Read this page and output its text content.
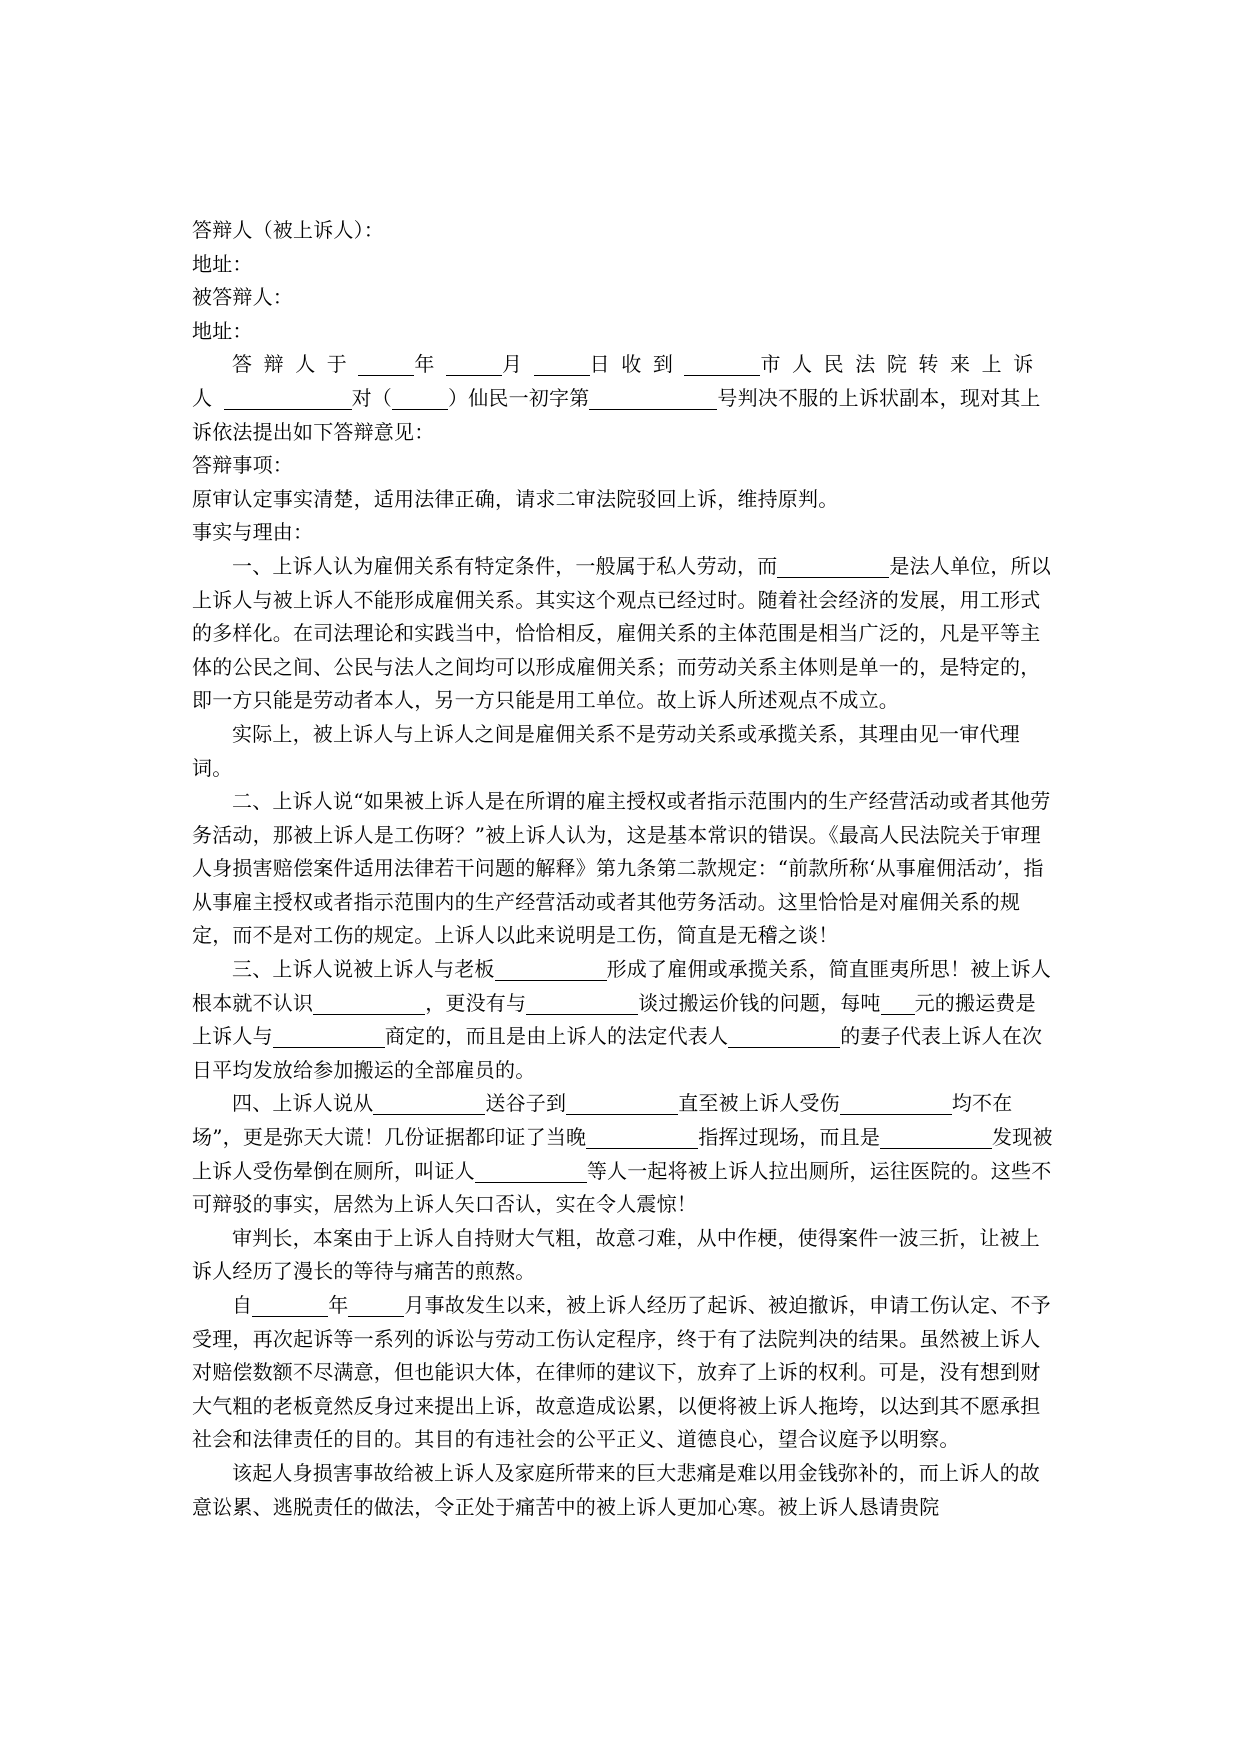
答辩人（被上诉人）：

地址：

被答辩人：

地址：

答辩人于	年	月	日收到	市人民法院转来上诉人	对（	）仙民一初字第	号判决不服的上诉状副本，现对其上诉依法提出如下答辩意见：

答辩事项：

原审认定事实清楚，适用法律正确，请求二审法院驳回上诉，维持原判。

事实与理由：

一、上诉人认为雇佣关系有特定条件，一般属于私人劳动，而	是法人单位，所以上诉人与被上诉人不能形成雇佣关系。其实这个观点已经过时。随着社会经济的发展，用工形式的多样化。在司法理论和实践当中，恰恰相反，雇佣关系的主体范围是相当广泛的，凡是平等主体的公民之间、公民与法人之间均可以形成雇佣关系；而劳动关系主体则是单一的，是特定的，即一方只能是劳动者本人，另一方只能是用工单位。故上诉人所述观点不成立。

实际上，被上诉人与上诉人之间是雇佣关系不是劳动关系或承揽关系，其理由见一审代理词。

二、上诉人说“如果被上诉人是在所谓的雇主授权或者指示范围内的生产经营活动或者其他劳务活动，那被上诉人是工伤呀？”被上诉人认为，这是基本常识的错误。《最高人民法院关于审理人身损害赔偿案件适用法律若干问题的解释》第九条第二款规定：“前款所称‘从事雇佣活动’，指从事雇主授权或者指示范围内的生产经营活动或者其他劳务活动。这里恰恰是对雇佣关系的规定，而不是对工伤的规定。上诉人以此来说明是工伤，简直是无稽之谈！

三、上诉人说被上诉人与老板	形成了雇佣或承揽关系，简直匪夷所思！被上诉人根本就不认识	，更没有与	谈过搬运价钱的问题，每吨 元的搬运费是上诉人与	商定的，而且是由上诉人的法定代表人	的妻子代表上诉人在次日平均发放给参加搬运的全部雇员的。

四、上诉人说从	送谷子到	直至被上诉人受伤	均不在场”，更是弥天大谎！几份证据都印证了当晚	指挥过现场，而且是	发现被上诉人受伤晕倒在厕所，叫证人	等人一起将被上诉人拉出厕所，运往医院的。这些不可辩驳的事实，居然为上诉人矢口否认，实在令人震惊！

审判长，本案由于上诉人自持财大气粗，故意刁难，从中作梗，使得案件一波三折，让被上诉人经历了漫长的等待与痛苦的煎熬。

自	年	月事故发生以来，被上诉人经历了起诉、被迫撤诉，申请工伤认定、不予受理，再次起诉等一系列的诉讼与劳动工伤认定程序，终于有了法院判决的结果。虽然被上诉人对赔偿数额不尽满意，但也能识大体，在律师的建议下，放弃了上诉的权利。可是，没有想到财大气粗的老板竟然反身过来提出上诉，故意造成讼累，以便将被上诉人拖垮，以达到其不愿承担社会和法律责任的目的。其目的有违社会的公平正义、道德良心，望合议庭予以明察。

该起人身损害事故给被上诉人及家庭所带来的巨大悲痛是难以用金钱弥补的，而上诉人的故意讼累、逃脱责任的做法，令正处于痛苦中的被上诉人更加心寒。被上诉人恳请贵院
